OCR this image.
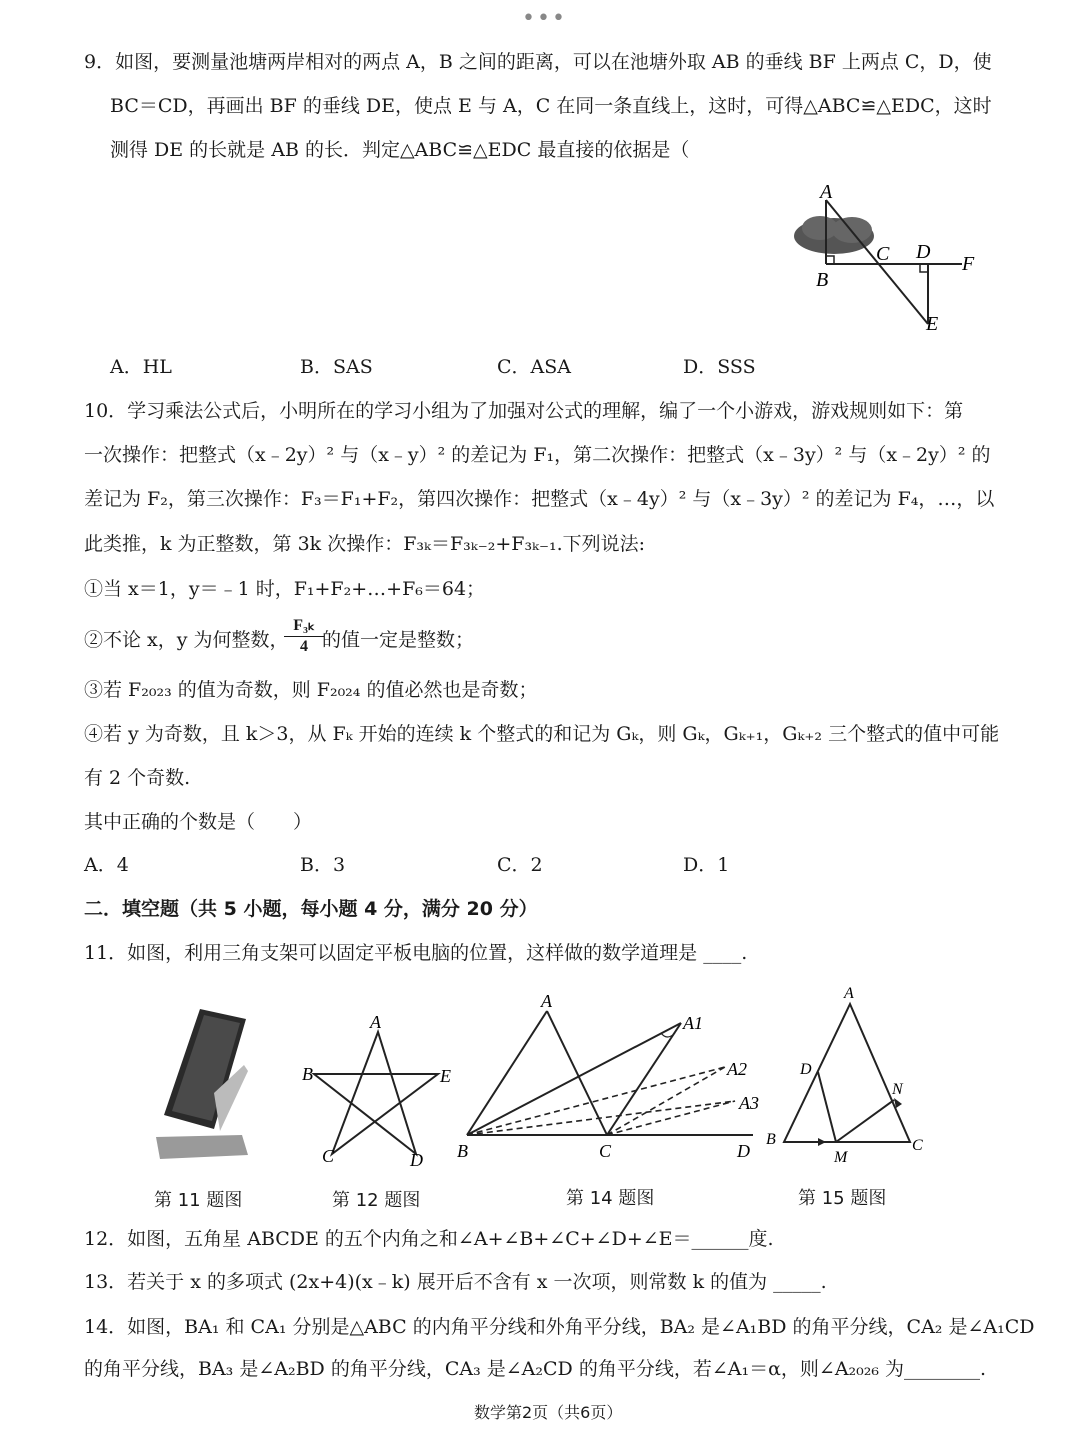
•••
9．如图，要测量池塘两岸相对的两点 A，B 之间的距离，可以在池塘外取 AB 的垂线 BF 上两点 C，D，使
BC＝CD，再画出 BF 的垂线 DE，使点 E 与 A，C 在同一条直线上，这时，可得△ABC≌△EDC，这时
测得 DE 的长就是 AB 的长．判定△ABC≌△EDC 最直接的依据是（
A
B
C D
F
E
A．HL	B．SAS	C．ASA	D．SSS
10．学习乘法公式后，小明所在的学习小组为了加强对公式的理解，编了一个小游戏，游戏规则如下：第
一次操作：把整式（x﹣2y）² 与（x﹣y）² 的差记为 F₁，第二次操作：把整式（x﹣3y）² 与（x﹣2y）² 的
差记为 F₂，第三次操作：F₃＝F₁+F₂，第四次操作：把整式（x﹣4y）² 与（x﹣3y）² 的差记为 F₄，…，以
此类推，k 为正整数，第 3k 次操作：F₃ₖ＝F₃ₖ₋₂+F₃ₖ₋₁.下列说法:
①当 x＝1，y＝﹣1 时，F₁+F₂+…+F₆＝64；
②不论 x，y 为何整数，
$\frac{\text{F₃ₖ}}{4}$
的值一定是整数；
③若 F₂₀₂₃ 的值为奇数，则 F₂₀₂₄ 的值必然也是奇数；
④若 y 为奇数，且 k＞3，从 Fₖ 开始的连续 k 个整式的和记为 Gₖ，则 Gₖ，Gₖ₊₁，Gₖ₊₂ 三个整式的值中可能
有 2 个奇数.
其中正确的个数是（　　）
A．4	B．3	C．2	D．1
二．填空题（共 5 小题，每小题 4 分，满分 20 分）
11．如图，利用三角支架可以固定平板电脑的位置，这样做的数学道理是 ____.
A
B	E
C	D
A
A1
A2
A3
B	C	D
A
D
N
B
M
C
第 11 题图	第 12 题图	第 14 题图	第 15 题图
12．如图，五角星 ABCDE 的五个内角之和∠A+∠B+∠C+∠D+∠E＝______度.
13．若关于 x 的多项式 (2x+4)(x﹣k) 展开后不含有 x 一次项，则常数 k 的值为 _____.
14．如图，BA₁ 和 CA₁ 分别是△ABC 的内角平分线和外角平分线，BA₂ 是∠A₁BD 的角平分线，CA₂ 是∠A₁CD
的角平分线，BA₃ 是∠A₂BD 的角平分线，CA₃ 是∠A₂CD 的角平分线，若∠A₁＝α，则∠A₂₀₂₆ 为________.
数学第2页（共6页）
